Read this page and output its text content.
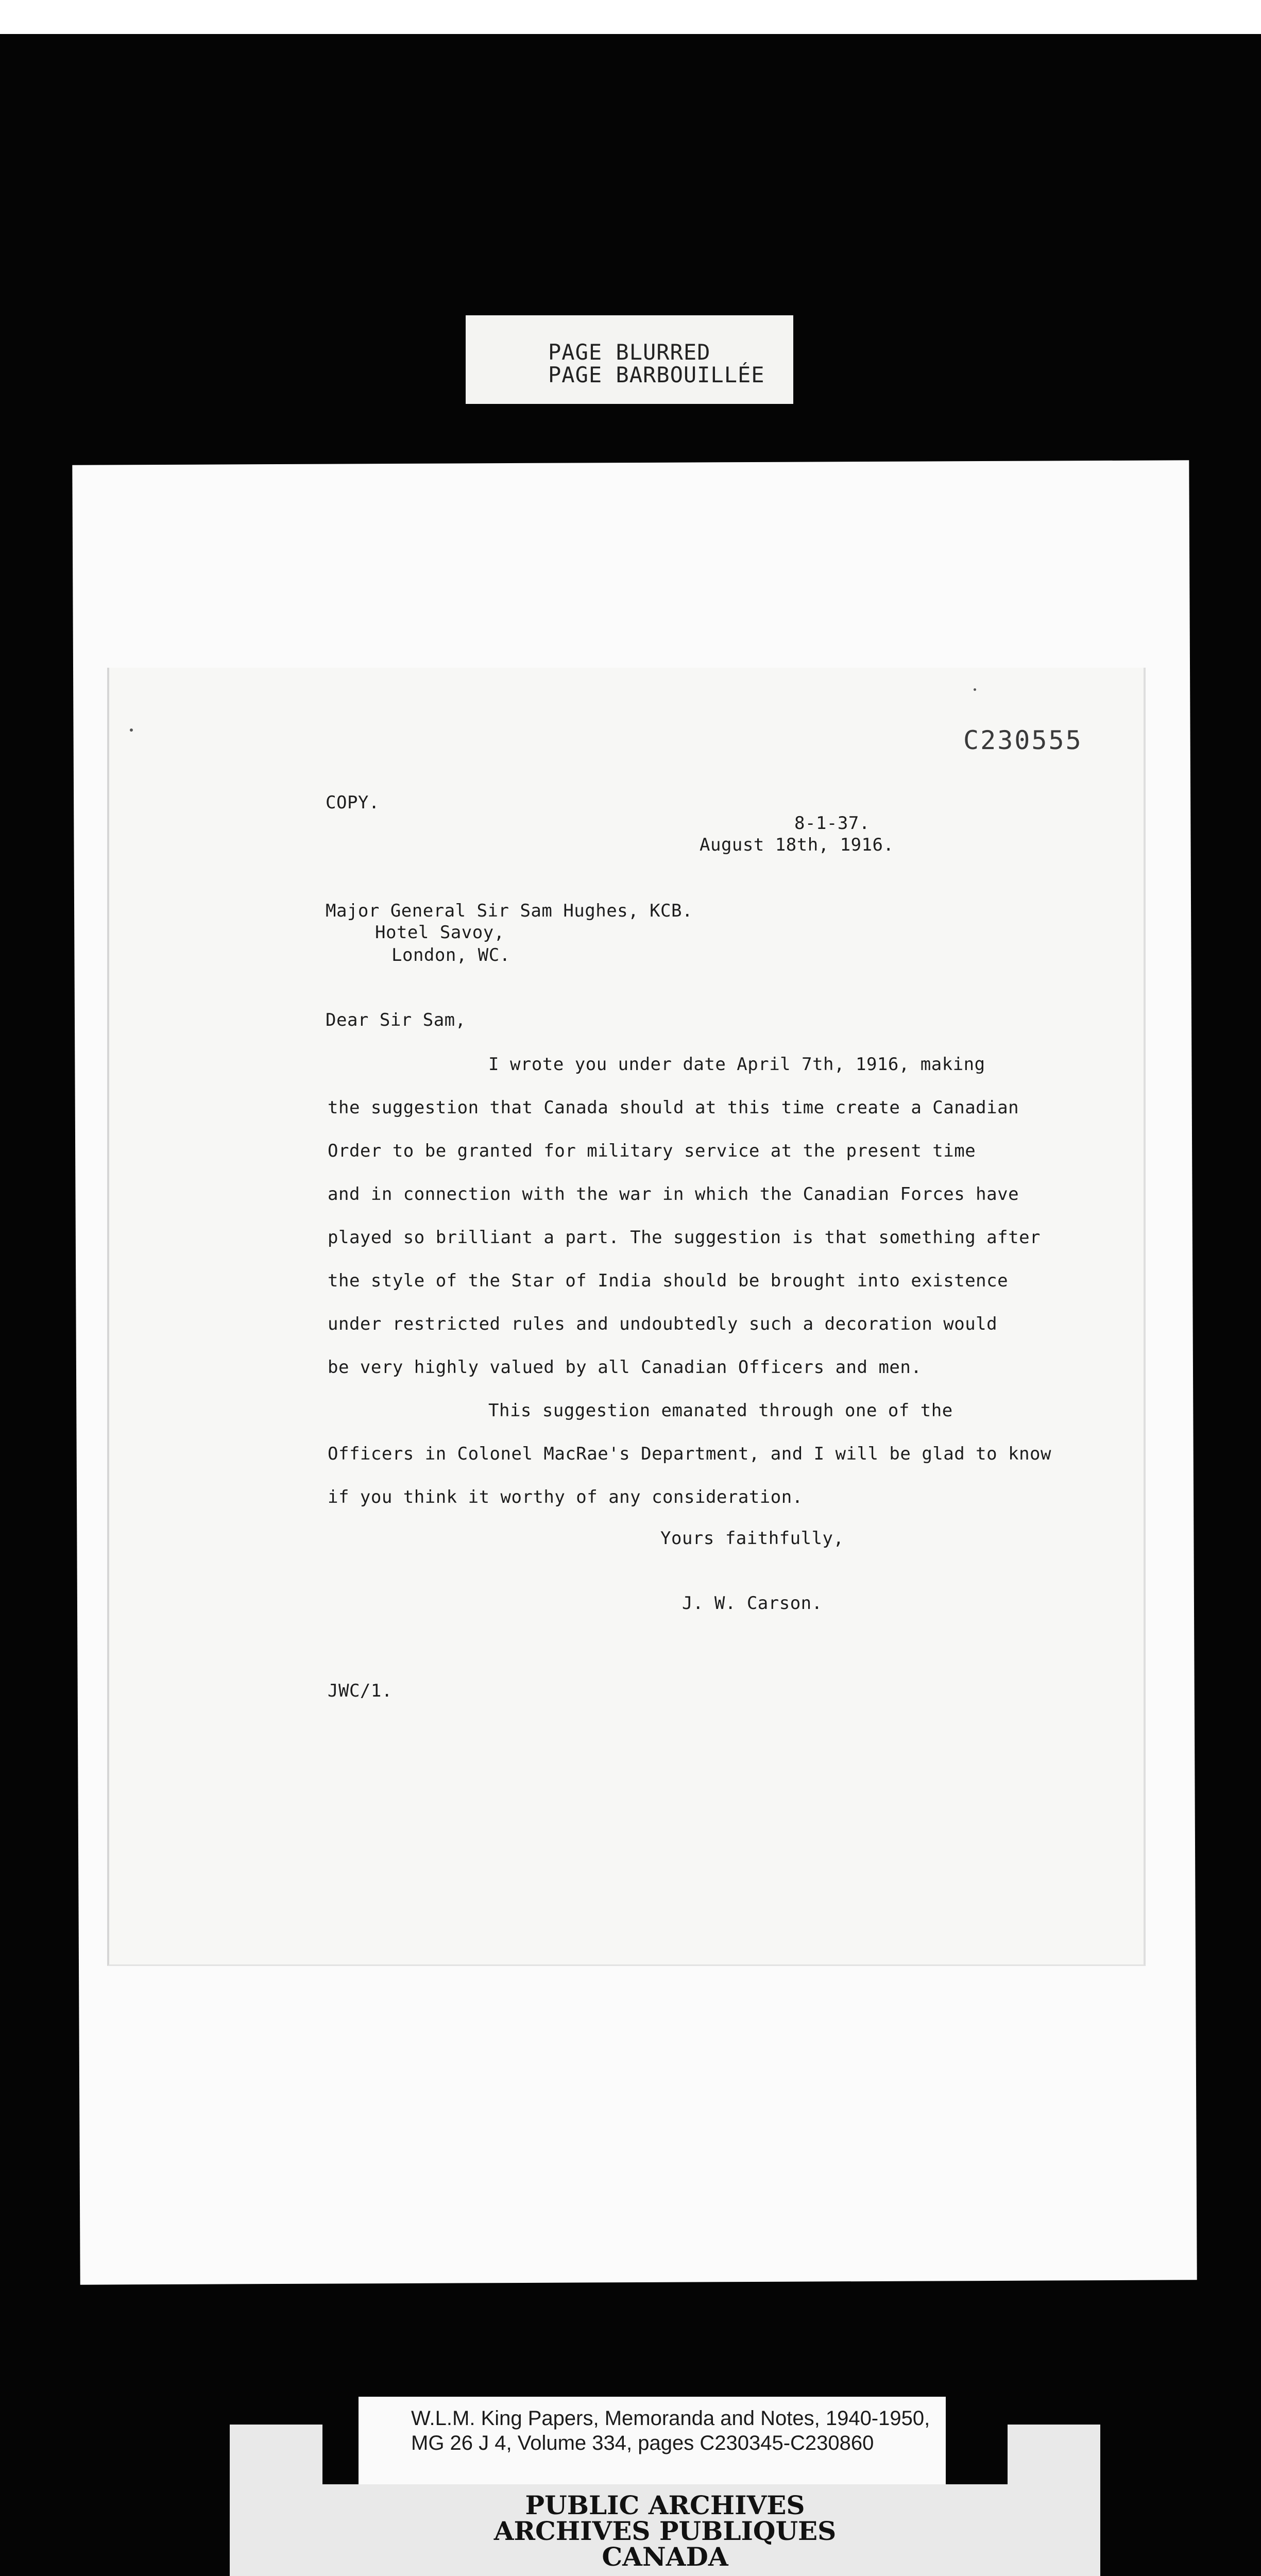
PAGE BLURRED
PAGE BARBOUILLÉE
C230555
COPY.
8-1-37.
August 18th, 1916.
Major General Sir Sam Hughes, KCB.
Hotel Savoy,
London, WC.
Dear Sir Sam,
I wrote you under date April 7th, 1916, making
the suggestion that Canada should at this time create a Canadian
Order to be granted for military service at the present time
and in connection with the war in which the Canadian Forces have
played so brilliant a part. The suggestion is that something after
the style of the Star of India should be brought into existence
under restricted rules and undoubtedly such a decoration would
be very highly valued by all Canadian Officers and men.
This suggestion emanated through one of the
Officers in Colonel MacRae's Department, and I will be glad to know
if you think it worthy of any consideration.
Yours faithfully,
J. W. Carson.
JWC/1.
W.L.M. King Papers, Memoranda and Notes, 1940-1950,
MG 26 J 4, Volume 334, pages C230345-C230860
PUBLIC ARCHIVES
ARCHIVES PUBLIQUES
CANADA
